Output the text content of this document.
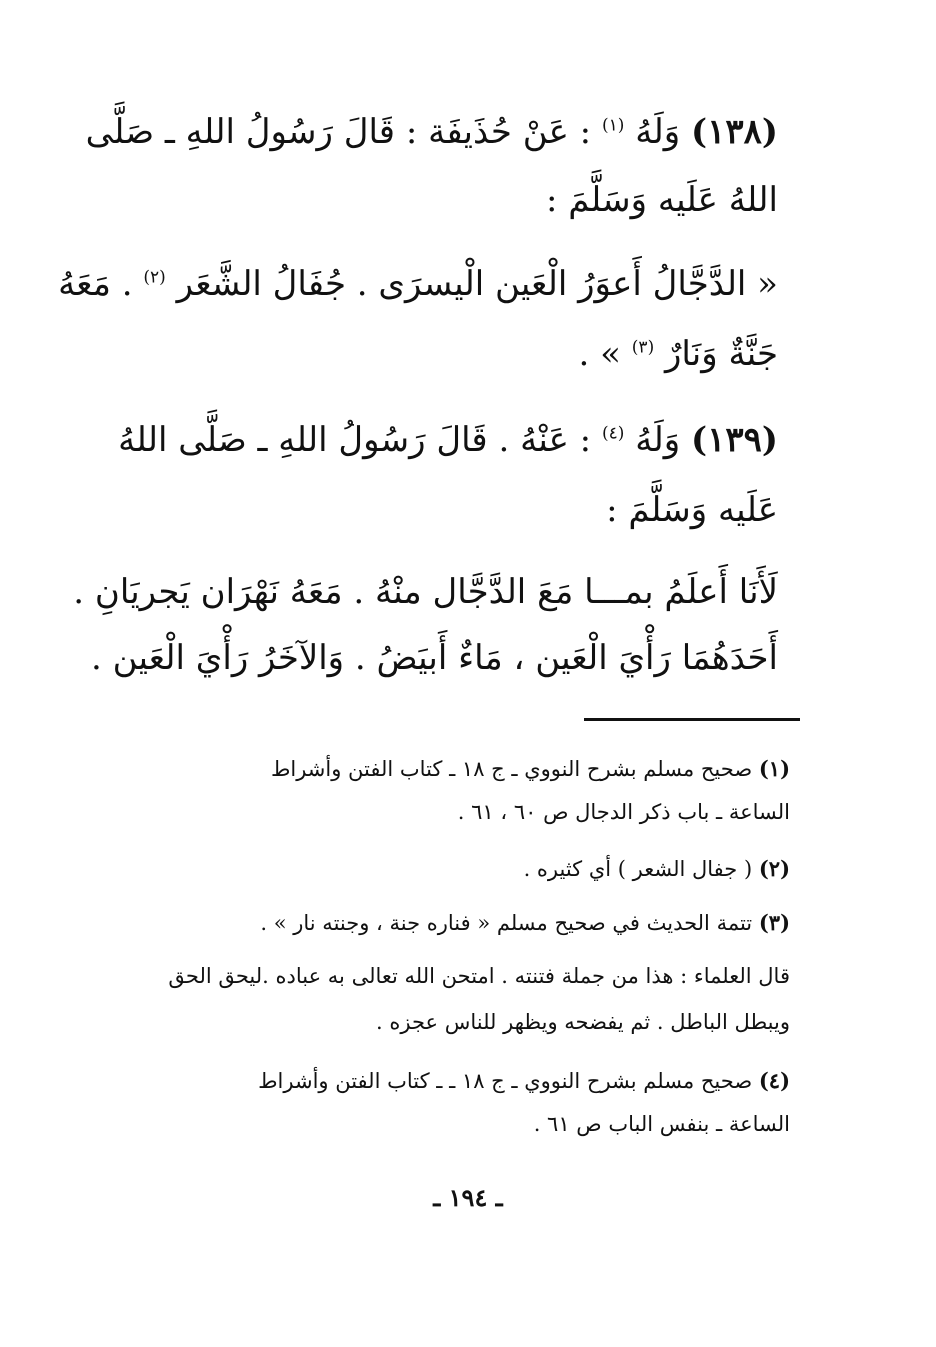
(١٣٨) وَلَهُ $^{(١)}$ : عَنْ حُذَيفَة : قَالَ رَسُولُ اللهِ ـ صَلَّى
اللهُ عَلَيه وَسَلَّمَ :
« الدَّجَّالُ أَعوَرُ الْعَين الْيسرَى . جُفَالُ الشَّعَر $^{(٢)}$ . مَعَهُ
جَنَّةٌ وَنَارٌ $^{(٣)}$ » .
(١٣٩) وَلَهُ $^{(٤)}$ : عَنْهُ . قَالَ رَسُولُ اللهِ ـ صَلَّى اللهُ
عَلَيه وَسَلَّمَ :
لَأَنَا أَعلَمُ بمـــا مَعَ الدَّجَّال منْهُ . مَعَهُ نَهْرَان يَجريَانِ .
أَحَدَهُمَا رَأْيَ الْعَين ، مَاءٌ أَبيَضُ . وَالآخَرُ رَأْيَ الْعَين .
(١) صحيح مسلم بشرح النووي ـ ج ١٨ ـ كتاب الفتن وأشراط
الساعة ـ باب ذكر الدجال ص ٦٠ ، ٦١ .
(٢) ( جفال الشعر ) أي كثيره .
(٣) تتمة الحديث في صحيح مسلم « فناره جنة ، وجنته نار » .
قال العلماء : هذا من جملة فتنته . امتحن الله تعالى به عباده .ليحق الحق
ويبطل الباطل . ثم يفضحه ويظهر للناس عجزه .
(٤) صحيح مسلم بشرح النووي ـ ج ١٨ ـ ـ كتاب الفتن وأشراط
الساعة ـ بنفس الباب ص ٦١ .
ـ ١٩٤ ـ
